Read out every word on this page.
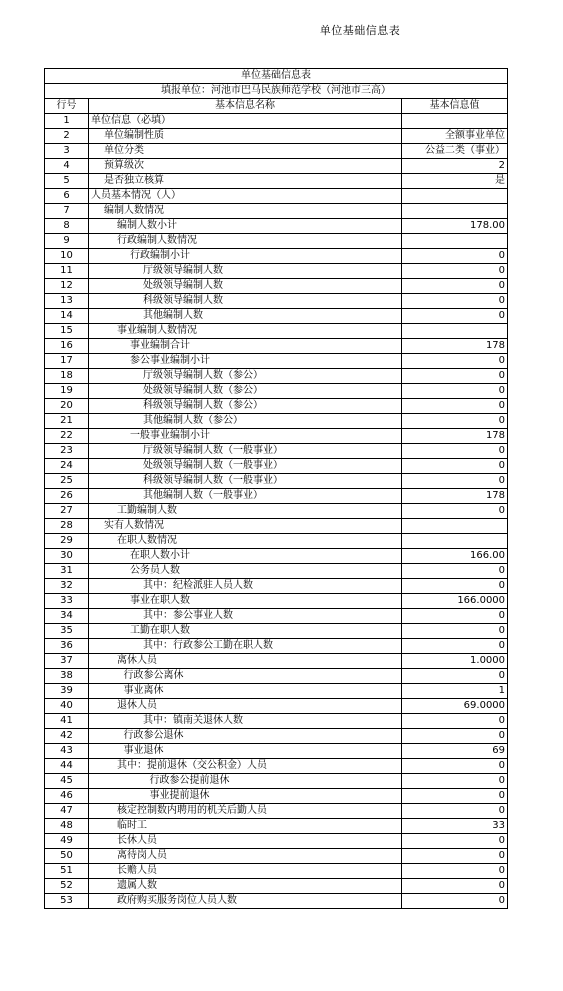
单位基础信息表
单位基础信息表		
填报单位：河池市巴马民族师范学校（河池市三高）		
行号	基本信息名称	基本信息值
1	单位信息（必填）	
2	单位编制性质	全额事业单位
3	单位分类	公益二类（事业）
4	预算级次	2
5	是否独立核算	是
6	人员基本情况（人）	
7	编制人数情况	
8	编制人数小计	178.00
9	行政编制人数情况	
10	行政编制小计	0
11	厅级领导编制人数	0
12	处级领导编制人数	0
13	科级领导编制人数	0
14	其他编制人数	0
15	事业编制人数情况	
16	事业编制合计	178
17	参公事业编制小计	0
18	厅级领导编制人数（参公）	0
19	处级领导编制人数（参公）	0
20	科级领导编制人数（参公）	0
21	其他编制人数（参公）	0
22	一般事业编制小计	178
23	厅级领导编制人数（一般事业）	0
24	处级领导编制人数（一般事业）	0
25	科级领导编制人数（一般事业）	0
26	其他编制人数（一般事业）	178
27	工勤编制人数	0
28	实有人数情况	
29	在职人数情况	
30	在职人数小计	166.00
31	公务员人数	0
32	其中：纪检派驻人员人数	0
33	事业在职人数	166.0000
34	其中：参公事业人数	0
35	工勤在职人数	0
36	其中：行政参公工勤在职人数	0
37	离休人员	1.0000
38	行政参公离休	0
39	事业离休	1
40	退休人员	69.0000
41	其中：镇南关退休人数	0
42	行政参公退休	0
43	事业退休	69
44	其中：提前退休（交公积金）人员	0
45	行政参公提前退休	0
46	事业提前退休	0
47	核定控制数内聘用的机关后勤人员	0
48	临时工	33
49	长休人员	0
50	离待岗人员	0
51	长赡人员	0
52	遗属人数	0
53	政府购买服务岗位人员人数	0
